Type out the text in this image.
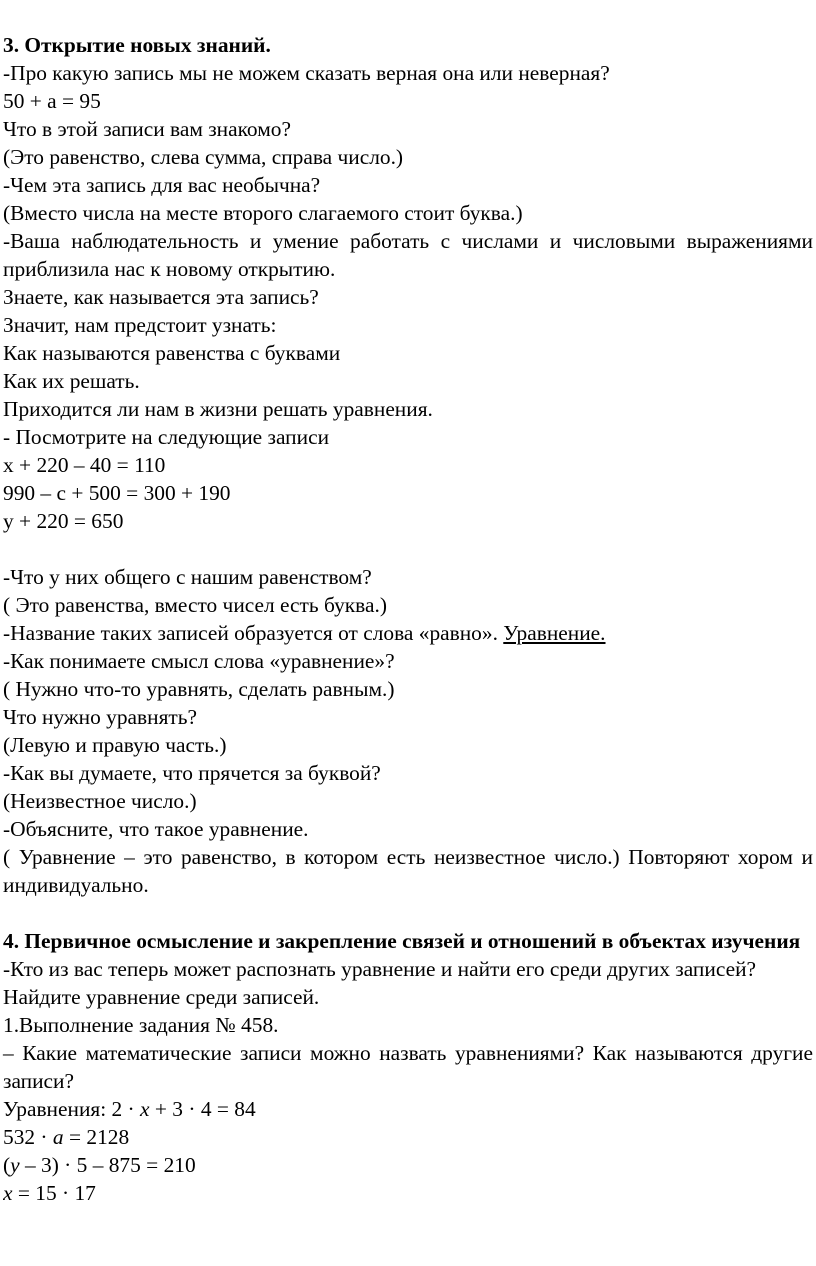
3. Открытие новых знаний.
-Про какую запись мы не можем сказать верная она или неверная?
50 + а = 95
Что в этой записи вам знакомо?
(Это равенство, слева сумма, справа число.)
-Чем эта запись для вас необычна?
(Вместо числа на месте второго слагаемого стоит буква.)
-Ваша наблюдательность и умение работать с числами и числовыми выражениями приблизила нас к новому открытию.
Знаете, как называется эта запись?
Значит, нам предстоит узнать:
Как называются равенства с буквами
Как их решать.
Приходится ли нам в жизни решать уравнения.
- Посмотрите на следующие записи
х + 220 – 40 = 110
990 – с + 500 = 300 + 190
у + 220 = 650
-Что у них общего с нашим равенством?
( Это равенства, вместо чисел есть буква.)
-Название таких записей образуется от слова «равно». Уравнение.
-Как понимаете смысл слова «уравнение»?
( Нужно что-то уравнять, сделать равным.)
Что нужно уравнять?
(Левую и правую часть.)
-Как вы думаете, что прячется за буквой?
(Неизвестное число.)
-Объясните, что такое уравнение.
( Уравнение – это равенство, в котором есть неизвестное число.) Повторяют хором и индивидуально.
4. Первичное осмысление и закрепление связей и отношений в объектах изучения
-Кто из вас теперь может распознать уравнение и найти его среди других записей?
Найдите уравнение среди записей.
1.Выполнение задания № 458.
– Какие математические записи можно назвать уравнениями? Как называются другие записи?
Уравнения: 2 · x + 3 · 4 = 84
532 · a = 2128
(y – 3) · 5 – 875 = 210
x = 15 · 17
